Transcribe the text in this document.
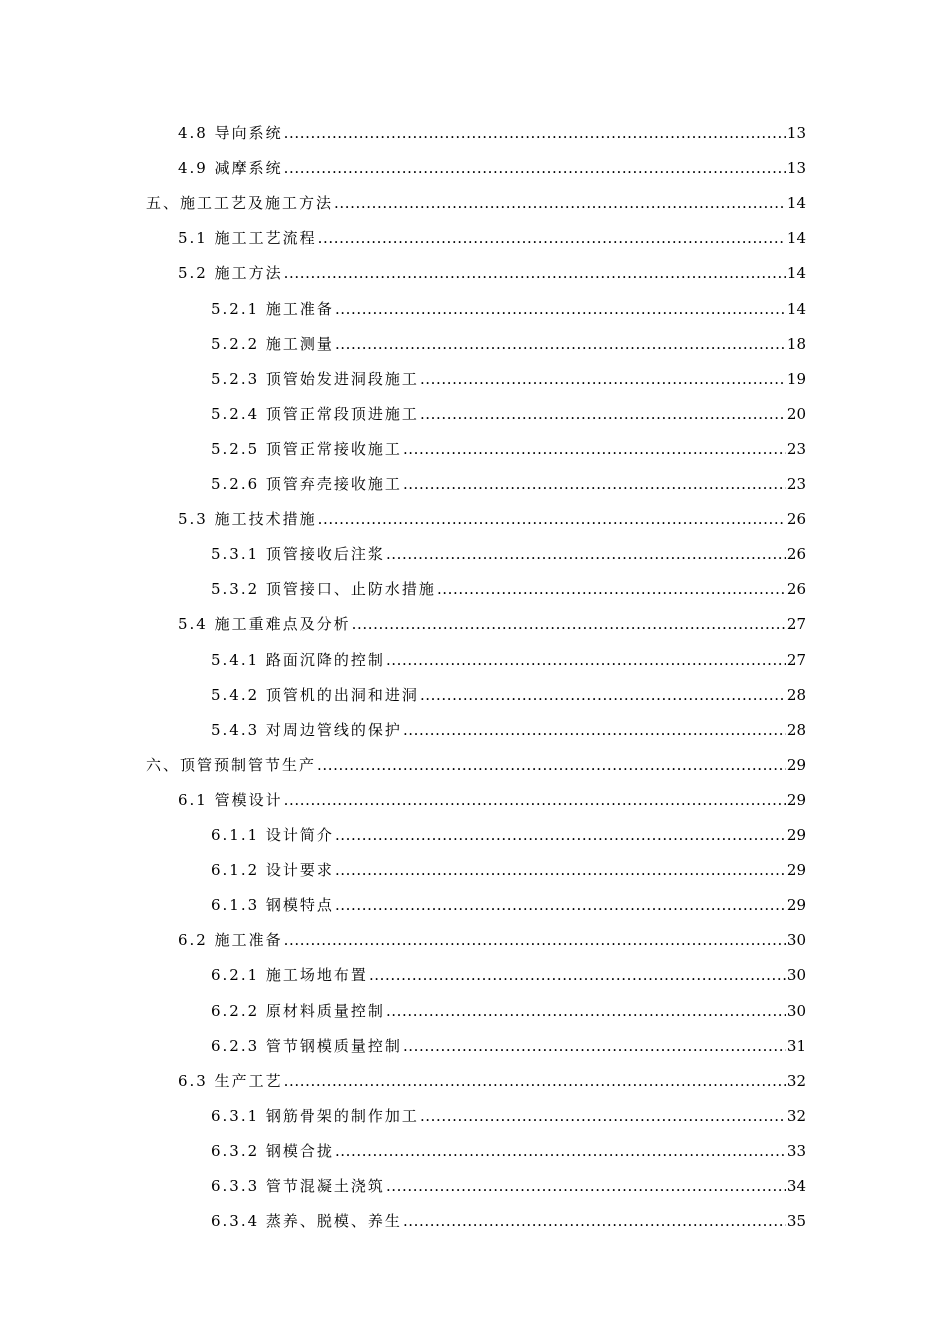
4.8 导向系统 .....	13
4.9 减摩系统 .....	13
五、施工工艺及施工方法 .....	14
5.1 施工工艺流程 .....	14
5.2 施工方法 .....	14
5.2.1 施工准备 .....	14
5.2.2 施工测量 .....	18
5.2.3 顶管始发进洞段施工 .....	19
5.2.4 顶管正常段顶进施工 .....	20
5.2.5 顶管正常接收施工 .....	23
5.2.6 顶管弃壳接收施工 .....	23
5.3 施工技术措施 .....	26
5.3.1 顶管接收后注浆 .....	26
5.3.2 顶管接口、止防水措施 .....	26
5.4 施工重难点及分析 .....	27
5.4.1 路面沉降的控制 .....	27
5.4.2 顶管机的出洞和进洞 .....	28
5.4.3 对周边管线的保护 .....	28
六、顶管预制管节生产 .....	29
6.1 管模设计 .....	29
6.1.1 设计简介 .....	29
6.1.2 设计要求 .....	29
6.1.3 钢模特点 .....	29
6.2 施工准备 .....	30
6.2.1 施工场地布置 .....	30
6.2.2 原材料质量控制 .....	30
6.2.3 管节钢模质量控制 .....	31
6.3 生产工艺 .....	32
6.3.1 钢筋骨架的制作加工 .....	32
6.3.2 钢模合拢 .....	33
6.3.3 管节混凝土浇筑 .....	34
6.3.4 蒸养、脱模、养生 .....	35
